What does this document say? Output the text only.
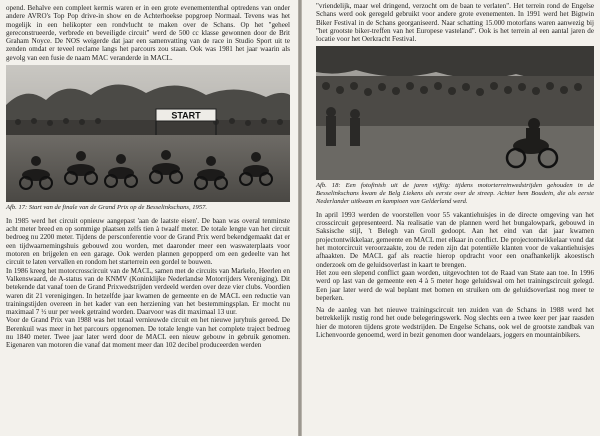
opend. Behalve een compleet kermis waren er in een grote evenemententhal optredens van onder andere AVRO's Top Pop drive-in show en de Achterhoekse popgroep Normaal. Tevens was het mogelijk in een helikopter een rondvlucht te maken over de Schans. Op het "geheel gereconstrueerde, verbrede en beveiligde circuit" werd de 500 cc klasse gewonnen door de Brit Graham Noyce. De NOS weigerde dat jaar een samenvatting van de race in Studio Sport uit te zenden omdat er teveel reclame langs het parcours zou staan. Ook was 1981 het jaar waarin als gevolg van een fusie de naam MAC veranderde in MACL.

START

Afb. 17: Start van de finale van de Grand Prix op de Besselinkschans, 1957.

In 1985 werd het circuit opnieuw aangepast 'aan de laatste eisen'. De baan was overal tenminste acht meter breed en op sommige plaatsen zelfs tien à twaalf meter. De totale lengte van het circuit bedroeg nu 2200 meter. Tijdens de persconferentie voor de Grand Prix werd bekendgemaakt dat er een tijdwaarnemingshuis gebouwd zou worden, met daaronder meer een waswaterplaats voor motoren en brijgelen en een garage. Ook werden plannen gepopperd om een gedeelte van het circuit te laten vervallen en rondom het starterrein een gordel te bouwen.

In 1986 kreeg het motorcrosscircuit van de MACL, samen met de circuits van Markelo, Heerlen en Valkenswaard, de A-status van de KNMV (Koninklijke Nederlandse Motorrijders Vereniging). Dit betekende dat vanaf toen de Grand Prixwedstrijden verdeeld werden over deze vier clubs. Voordien waren dit 21 verenigingen. In hetzelfde jaar kwamen de gemeente en de MACL een reductie van trainingstijden overeen in het kader van een herziening van het bestemmingsplan. Er mocht nu maximaal 7 ½ uur per week getraind worden. Daarvoor was dit maximaal 13 uur.

Voor de Grand Prix van 1988 was het totaal vernieuwde circuit en het nieuwe juryhuis gereed. De Berenkuil was meer in het parcours opgenomen. De totale lengte van het complete traject bedroeg nu 1840 meter. Twee jaar later werd door de MACL een nieuw gebouw in gebruik genomen. Eigenaren van motoren die vanaf dat moment meer dan 102 decibel produceerden werden

"vriendelijk, maar wel dringend, verzocht om de baan te verlaten". Het terrein rond de Engelse Schans werd ook geregeld gebruikt voor andere grote evenementen. In 1991 werd het Bigtwin Biker Festival in de Schans georganiseerd. Naar schatting 15.000 motorfans waren aanwezig bij "het grootste biker-treffen van het Europese vasteland". Ook is het terrein al een aantal jaren de locatie voor het Oerkracht Festival.

Afb. 18: Een fotofinish uit de jaren vijftig: tijdens motorterreinwedstrijden gehouden in de Besselinkschans kwam de Belg Liekens als eerste over de streep. Achter hem Boudein, die als eerste Nederlander uitkwam en kampioen van Gelderland werd.

In april 1993 werden de voorstellen voor 55 vakantiehuisjes in de directe omgeving van het crosscircuit gepresenteerd. Na realisatie van de plannen werd het bungalowpark, gebouwd in Saksische stijl, 't Belegh van Groll gedoopt. Aan het eind van dat jaar kwamen projectontwikkelaar, gemeente en MACL met elkaar in conflict. De projectontwikkelaar vond dat het motorcircuit veroorzaakte, zou de reden zijn dat potentiële klanten voor de vakantiehuisjes afhaakten. De MACL gaf als reactie hierop opdracht voor een onafhankelijk akoestisch onderzoek om de geluidsoverlast in kaart te brengen.

Het zou een slepend conflict gaan worden, uitgevochten tot de Raad van State aan toe. In 1996 werd op last van de gemeente een 4 à 5 meter hoge geluidswal om het trainingscircuit gelegd. Een jaar later werd de wal beplant met bomen en struiken om de geluidsoverlast nog meer te beperken.

Na de aanleg van het nieuwe trainingscircuit ten zuiden van de Schans in 1988 werd het betrekkelijk rustig rond het oude belegeringswerk. Nog slechts een a twee keer per jaar raasden hier de motoren tijdens grote wedstrijden. De Engelse Schans, ook wel de grootste zandbak van Lichenvoorde genoemd, werd in bezit genomen door wandelaars, joggers en mountainbikers.
